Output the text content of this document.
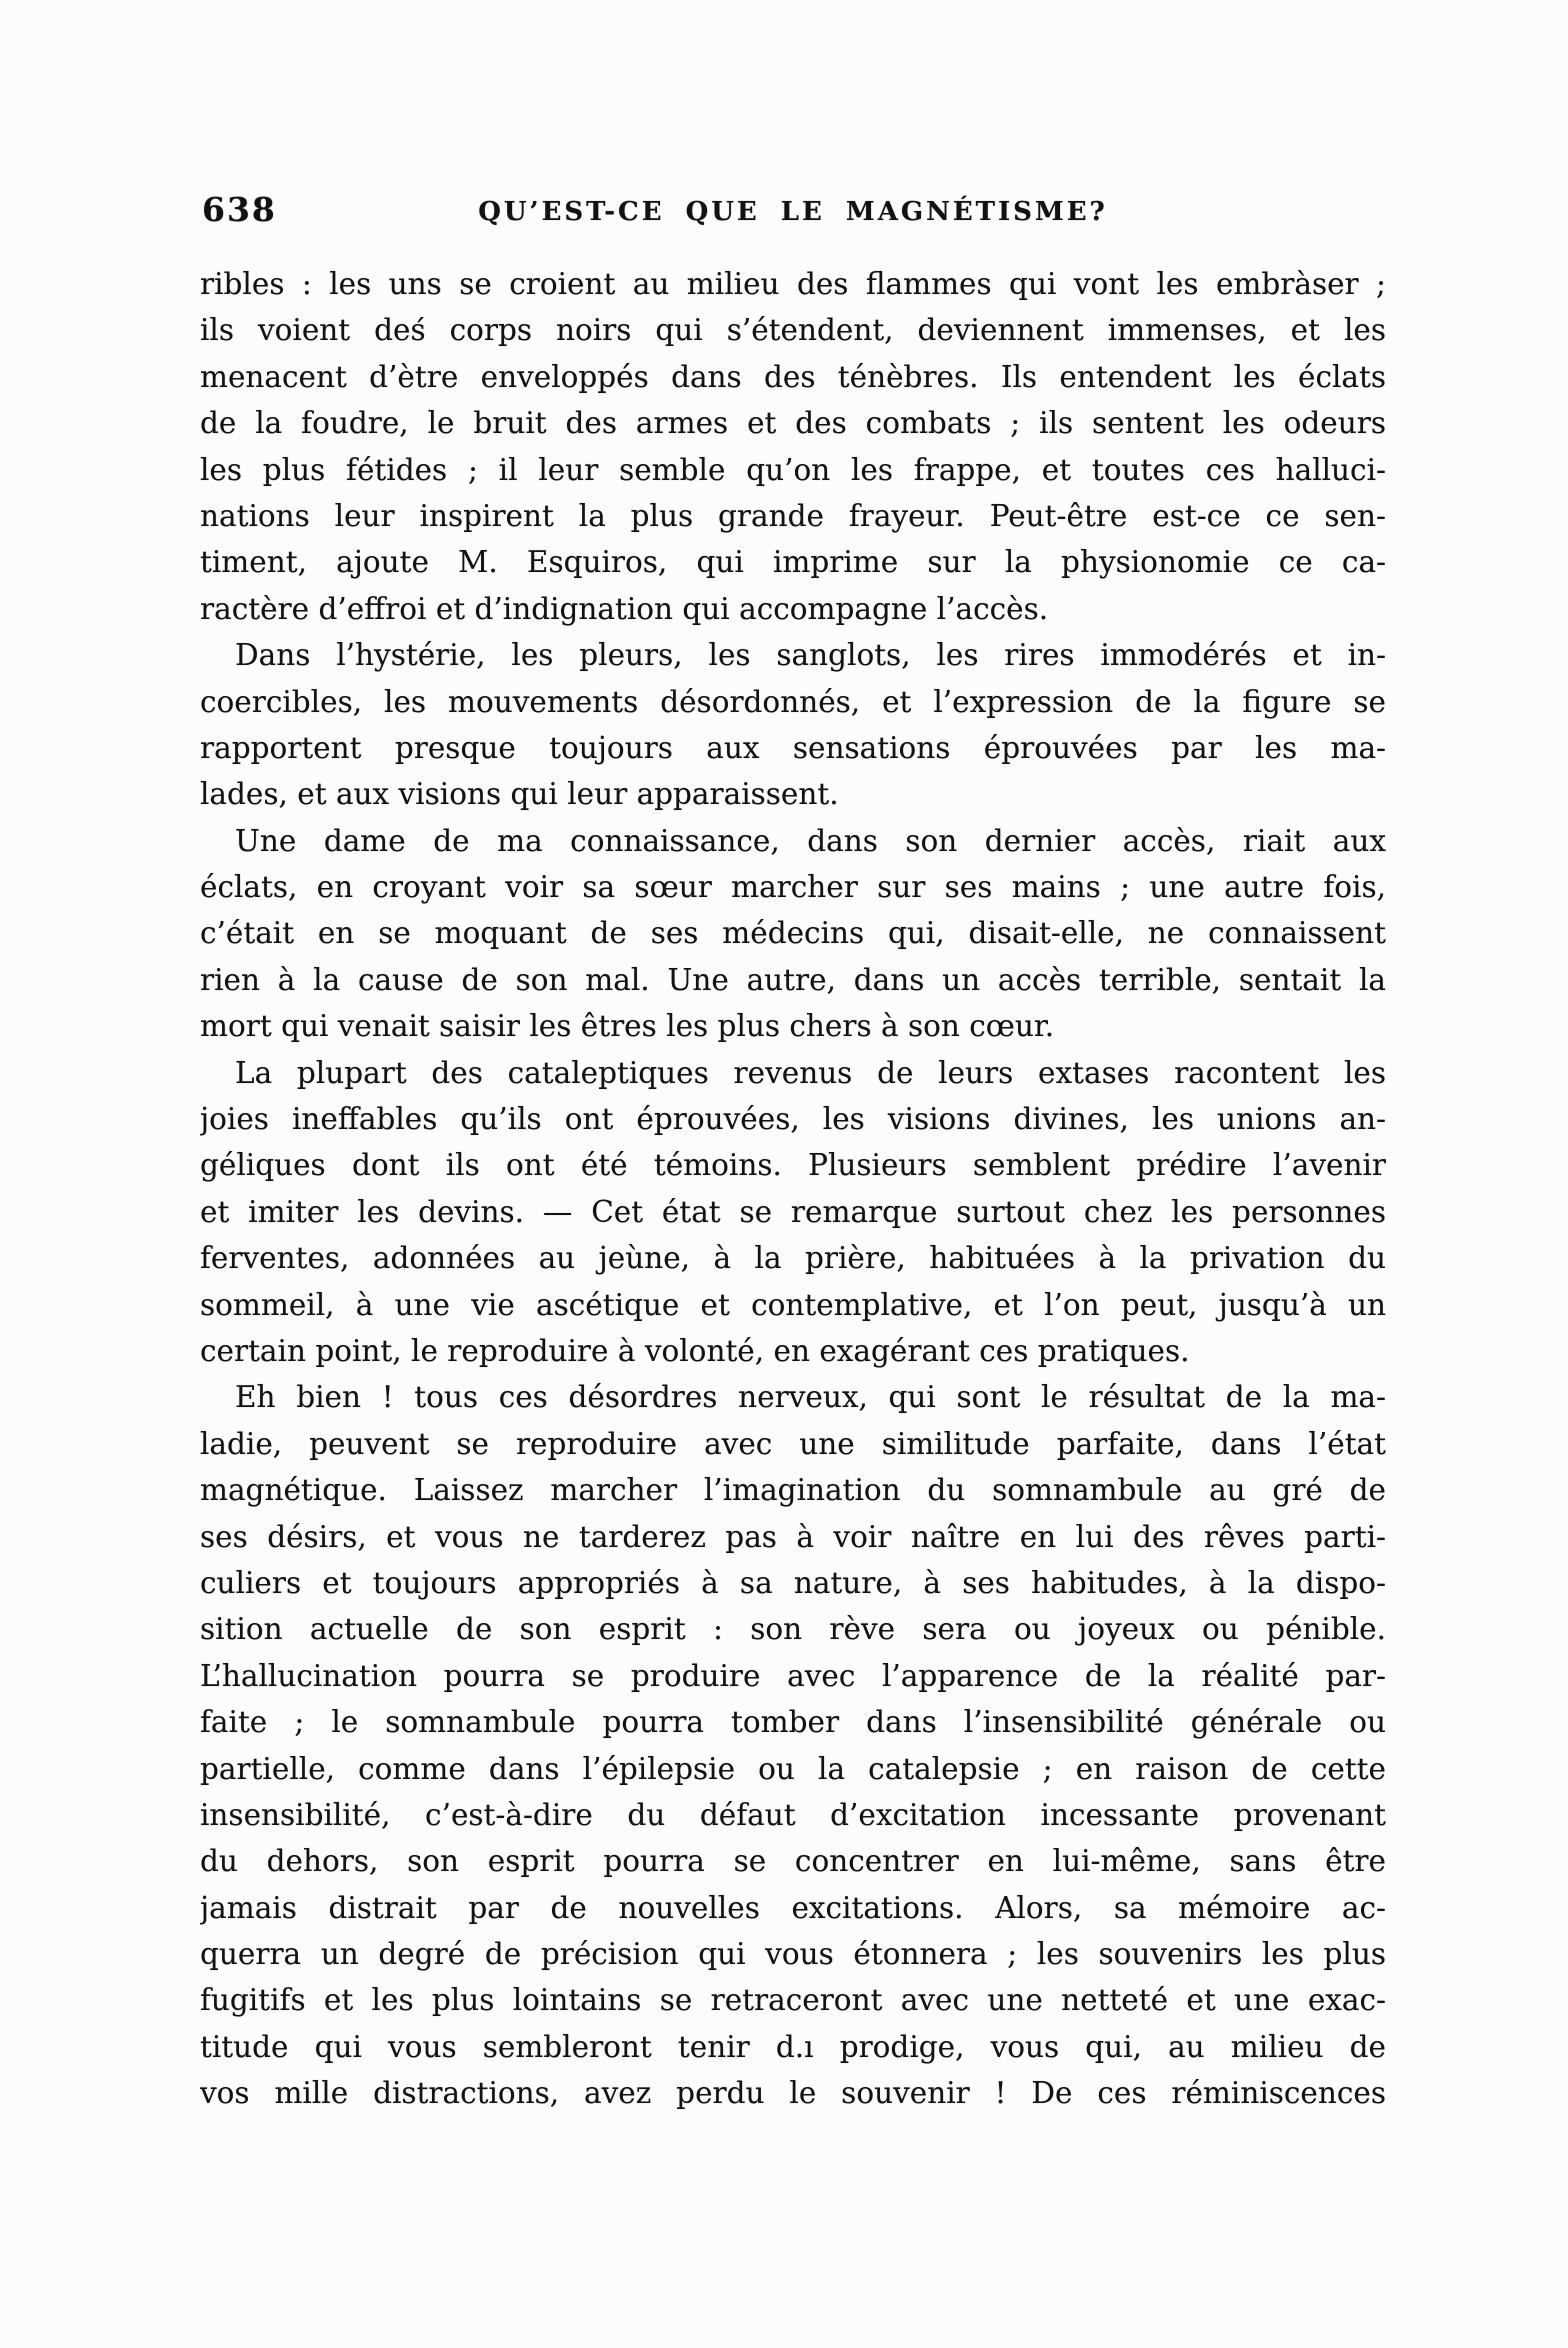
638	QU’EST-CE QUE LE MAGNÉTISME?
ribles : les uns se croient au milieu des flammes qui vont les embràser ;
ils voient deś corps noirs qui s’étendent, deviennent immenses, et les
menacent d’ètre enveloppés dans des ténèbres. Ils entendent les éclats
de la foudre, le bruit des armes et des combats ; ils sentent les odeurs
les plus fétides ; il leur semble qu’on les frappe, et toutes ces halluci-
nations leur inspirent la plus grande frayeur. Peut-être est-ce ce sen-
timent, ajoute M. Esquiros, qui imprime sur la physionomie ce ca-
ractère d’effroi et d’indignation qui accompagne l’accès.
Dans l’hystérie, les pleurs, les sanglots, les rires immodérés et in-
coercibles, les mouvements désordonnés, et l’expression de la figure se
rapportent presque toujours aux sensations éprouvées par les ma-
lades, et aux visions qui leur apparaissent.
Une dame de ma connaissance, dans son dernier accès, riait aux
éclats, en croyant voir sa sœur marcher sur ses mains ; une autre fois,
c’était en se moquant de ses médecins qui, disait-elle, ne connaissent
rien à la cause de son mal. Une autre, dans un accès terrible, sentait la
mort qui venait saisir les êtres les plus chers à son cœur.
La plupart des cataleptiques revenus de leurs extases racontent les
joies ineffables qu’ils ont éprouvées, les visions divines, les unions an-
géliques dont ils ont été témoins. Plusieurs semblent prédire l’avenir
et imiter les devins. — Cet état se remarque surtout chez les personnes
ferventes, adonnées au jeùne, à la prière, habituées à la privation du
sommeil, à une vie ascétique et contemplative, et l’on peut, jusqu’à un
certain point, le reproduire à volonté, en exagérant ces pratiques.
Eh bien ! tous ces désordres nerveux, qui sont le résultat de la ma-
ladie, peuvent se reproduire avec une similitude parfaite, dans l’état
magnétique. Laissez marcher l’imagination du somnambule au gré de
ses désirs, et vous ne tarderez pas à voir naître en lui des rêves parti-
culiers et toujours appropriés à sa nature, à ses habitudes, à la dispo-
sition actuelle de son esprit : son rève sera ou joyeux ou pénible.
L’hallucination pourra se produire avec l’apparence de la réalité par-
faite ; le somnambule pourra tomber dans l’insensibilité générale ou
partielle, comme dans l’épilepsie ou la catalepsie ; en raison de cette
insensibilité, c’est-à-dire du défaut d’excitation incessante provenant
du dehors, son esprit pourra se concentrer en lui-même, sans être
jamais distrait par de nouvelles excitations. Alors, sa mémoire ac-
querra un degré de précision qui vous étonnera ; les souvenirs les plus
fugitifs et les plus lointains se retraceront avec une netteté et une exac-
titude qui vous sembleront tenir d.ı prodige, vous qui, au milieu de
vos mille distractions, avez perdu le souvenir ! De ces réminiscences
